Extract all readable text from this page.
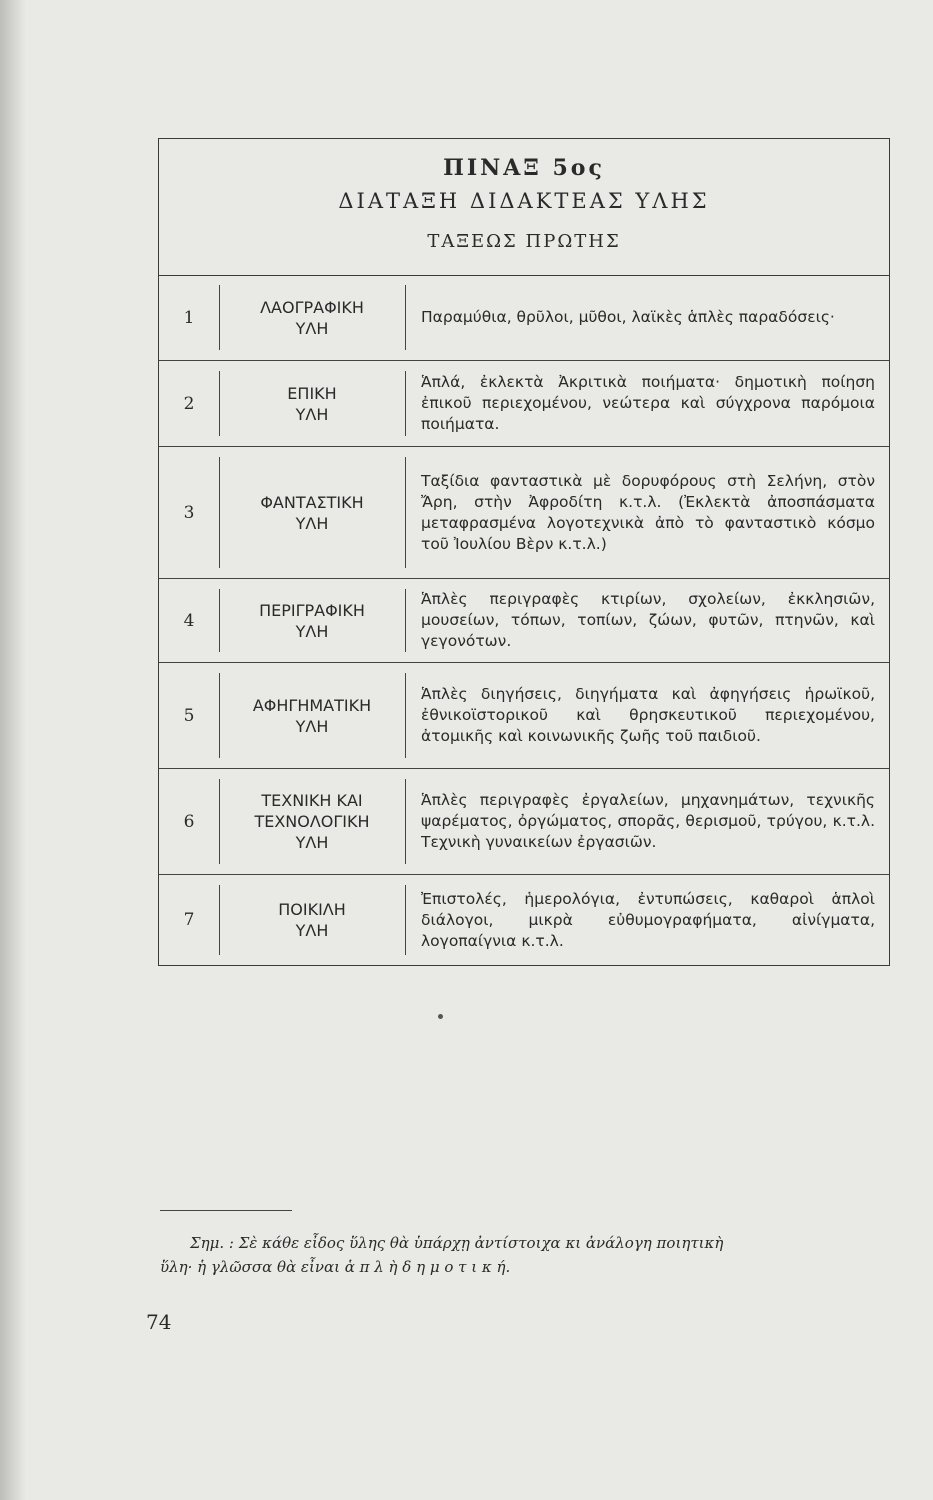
ΠΙΝΑΞ 5ος
ΔΙΑΤΑΞΗ ΔΙΔΑΚΤΕΑΣ ΥΛΗΣ
ΤΑΞΕΩΣ ΠΡΩΤΗΣ
1
ΛΑΟΓΡΑΦΙΚΗ
ΥΛΗ
Παραμύθια, θρῦλοι, μῦθοι, λαϊκὲς ἁπλὲς παραδόσεις·
2
ΕΠΙΚΗ
ΥΛΗ
Ἁπλά, ἐκλεκτὰ Ἀκριτικὰ ποιήματα· δημοτικὴ ποίηση ἐπικοῦ περιεχομένου, νεώτερα καὶ σύγχρονα παρόμοια ποιήματα.
3
ΦΑΝΤΑΣΤΙΚΗ
ΥΛΗ
Ταξίδια φανταστικὰ μὲ δορυφόρους στὴ Σελήνη, στὸν Ἄρη, στὴν Ἀφροδίτη κ.τ.λ. (Ἐκλεκτὰ ἀποσπάσματα μεταφρασμένα λογοτεχνικὰ ἀπὸ τὸ φανταστικὸ κόσμο τοῦ Ἰουλίου Βὲρν κ.τ.λ.)
4
ΠΕΡΙΓΡΑΦΙΚΗ
ΥΛΗ
Ἁπλὲς περιγραφὲς κτιρίων, σχολείων, ἐκκλησιῶν, μουσείων, τόπων, τοπίων, ζώων, φυτῶν, πτηνῶν, καὶ γεγονότων.
5
ΑΦΗΓΗΜΑΤΙΚΗ
ΥΛΗ
Ἁπλὲς διηγήσεις, διηγήματα καὶ ἀφηγήσεις ἡρωϊκοῦ, ἐθνικοϊστορικοῦ καὶ θρησκευτικοῦ περιεχομένου, ἀτομικῆς καὶ κοινωνικῆς ζωῆς τοῦ παιδιοῦ.
6
ΤΕΧΝΙΚΗ ΚΑΙ
ΤΕΧΝΟΛΟΓΙΚΗ
ΥΛΗ
Ἁπλὲς περιγραφὲς ἐργαλείων, μηχανημάτων, τεχνικῆς ψαρέματος, ὀργώματος, σπορᾶς, θερισμοῦ, τρύγου, κ.τ.λ. Τεχνικὴ γυναικείων ἐργασιῶν.
7
ΠΟΙΚΙΛΗ
ΥΛΗ
Ἐπιστολές, ἡμερολόγια, ἐντυπώσεις, καθαροὶ ἁπλοὶ διάλογοι, μικρὰ εὐθυμογραφήματα, αἰνίγματα, λογοπαίγνια κ.τ.λ.
Σημ. : Σὲ κάθε εἶδος ὕλης θὰ ὑπάρχῃ ἀντίστοιχα κι ἀνάλογη ποιητικὴ
ὕλη· ἡ γλῶσσα θὰ εἶναι ἁ π λ ὴ δ η μ ο τ ι κ ή.
74
